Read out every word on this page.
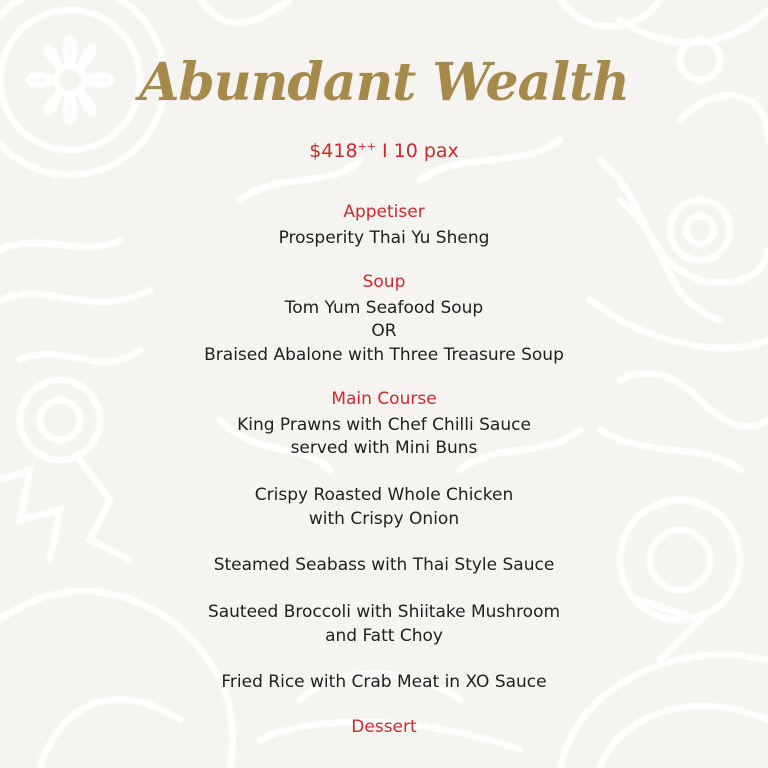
Abundant Wealth
$418++ I 10 pax
Appetiser
Prosperity Thai Yu Sheng
Soup
Tom Yum Seafood Soup
OR
Braised Abalone with Three Treasure Soup
Main Course
King Prawns with Chef Chilli Sauce
served with Mini Buns
Crispy Roasted Whole Chicken
with Crispy Onion
Steamed Seabass with Thai Style Sauce
Sauteed Broccoli with Shiitake Mushroom
and Fatt Choy
Fried Rice with Crab Meat in XO Sauce
Dessert
